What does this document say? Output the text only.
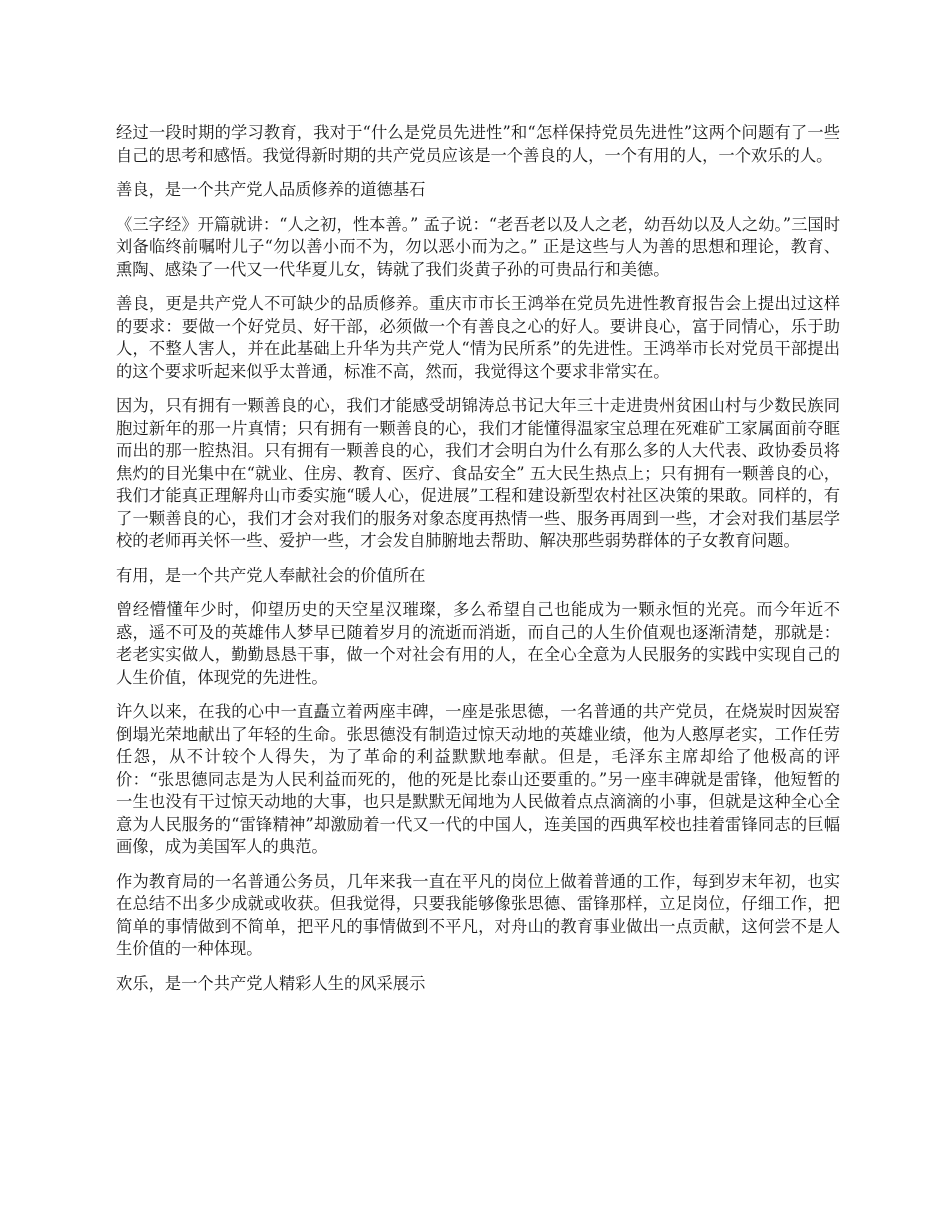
经过一段时期的学习教育，我对于“什么是党员先进性”和“怎样保持党员先进性”这两个问题有了一些自己的思考和感悟。我觉得新时期的共产党员应该是一个善良的人，一个有用的人，一个欢乐的人。

善良，是一个共产党人品质修养的道德基石

《三字经》开篇就讲：“人之初，性本善。” 孟子说：“老吾老以及人之老，幼吾幼以及人之幼。”三国时刘备临终前嘱咐儿子“勿以善小而不为，勿以恶小而为之。” 正是这些与人为善的思想和理论，教育、熏陶、感染了一代又一代华夏儿女，铸就了我们炎黄子孙的可贵品行和美德。

善良，更是共产党人不可缺少的品质修养。重庆市市长王鸿举在党员先进性教育报告会上提出过这样的要求：要做一个好党员、好干部，必须做一个有善良之心的好人。要讲良心，富于同情心，乐于助人，不整人害人，并在此基础上升华为共产党人“情为民所系”的先进性。王鸿举市长对党员干部提出的这个要求听起来似乎太普通，标准不高，然而，我觉得这个要求非常实在。

因为，只有拥有一颗善良的心，我们才能感受胡锦涛总书记大年三十走进贵州贫困山村与少数民族同胞过新年的那一片真情；只有拥有一颗善良的心，我们才能懂得温家宝总理在死难矿工家属面前夺眶而出的那一腔热泪。只有拥有一颗善良的心，我们才会明白为什么有那么多的人大代表、政协委员将焦灼的目光集中在“就业、住房、教育、医疗、食品安全” 五大民生热点上；只有拥有一颗善良的心，我们才能真正理解舟山市委实施“暖人心，促进展”工程和建设新型农村社区决策的果敢。同样的，有了一颗善良的心，我们才会对我们的服务对象态度再热情一些、服务再周到一些，才会对我们基层学校的老师再关怀一些、爱护一些，才会发自肺腑地去帮助、解决那些弱势群体的子女教育问题。

有用，是一个共产党人奉献社会的价值所在

曾经懵懂年少时，仰望历史的天空星汉璀璨，多么希望自己也能成为一颗永恒的光亮。而今年近不惑，遥不可及的英雄伟人梦早已随着岁月的流逝而消逝，而自己的人生价值观也逐渐清楚，那就是：老老实实做人，勤勤恳恳干事，做一个对社会有用的人，在全心全意为人民服务的实践中实现自己的人生价值，体现党的先进性。

许久以来，在我的心中一直矗立着两座丰碑，一座是张思德，一名普通的共产党员，在烧炭时因炭窑倒塌光荣地献出了年轻的生命。张思德没有制造过惊天动地的英雄业绩，他为人憨厚老实，工作任劳任怨，从不计较个人得失，为了革命的利益默默地奉献。但是，毛泽东主席却给了他极高的评价：“张思德同志是为人民利益而死的，他的死是比泰山还要重的。”另一座丰碑就是雷锋，他短暂的一生也没有干过惊天动地的大事，也只是默默无闻地为人民做着点点滴滴的小事，但就是这种全心全意为人民服务的“雷锋精神”却激励着一代又一代的中国人，连美国的西典军校也挂着雷锋同志的巨幅画像，成为美国军人的典范。

作为教育局的一名普通公务员，几年来我一直在平凡的岗位上做着普通的工作，每到岁末年初，也实在总结不出多少成就或收获。但我觉得，只要我能够像张思德、雷锋那样，立足岗位，仔细工作，把简单的事情做到不简单，把平凡的事情做到不平凡，对舟山的教育事业做出一点贡献，这何尝不是人生价值的一种体现。

欢乐，是一个共产党人精彩人生的风采展示
